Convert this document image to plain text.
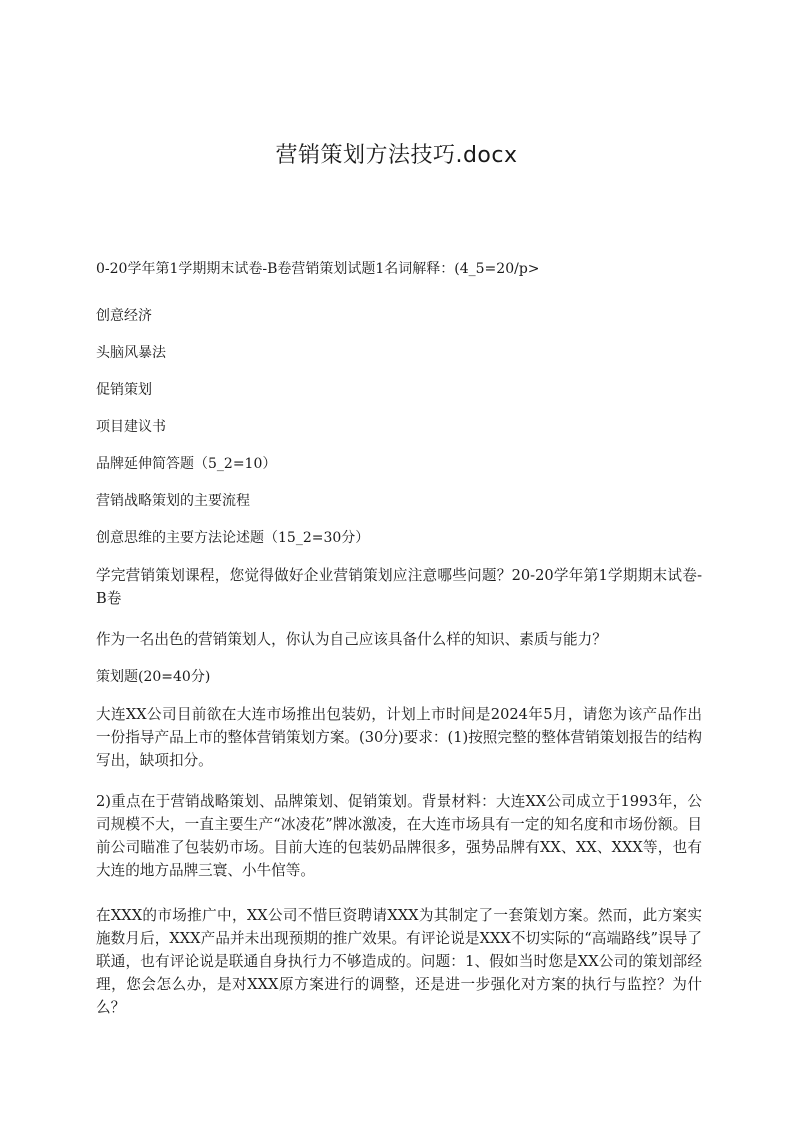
营销策划方法技巧.docx

0-20学年第1学期期末试卷-B卷营销策划试题1名词解释：(4_5=20/p>

创意经济

头脑风暴法

促销策划

项目建议书

品牌延伸简答题（5_2=10）

营销战略策划的主要流程

创意思维的主要方法论述题（15_2=30分）

学完营销策划课程，您觉得做好企业营销策划应注意哪些问题？20-20学年第1学期期末试卷-B卷

作为一名出色的营销策划人，你认为自己应该具备什么样的知识、素质与能力？

策划题(20=40分)

大连XX公司目前欲在大连市场推出包装奶，计划上市时间是2024年5月，请您为该产品作出一份指导产品上市的整体营销策划方案。(30分)要求：(1)按照完整的整体营销策划报告的结构写出，缺项扣分。

2)重点在于营销战略策划、品牌策划、促销策划。背景材料：大连XX公司成立于1993年，公司规模不大，一直主要生产“冰凌花”牌冰激凌，在大连市场具有一定的知名度和市场份额。目前公司瞄准了包装奶市场。目前大连的包装奶品牌很多，强势品牌有XX、XX、XXX等，也有大连的地方品牌三寰、小牛倌等。

在XXX的市场推广中，XX公司不惜巨资聘请XXX为其制定了一套策划方案。然而，此方案实施数月后，XXX产品并未出现预期的推广效果。有评论说是XXX不切实际的“高端路线”误导了联通，也有评论说是联通自身执行力不够造成的。问题：1、假如当时您是XX公司的策划部经理，您会怎么办，是对XXX原方案进行的调整，还是进一步强化对方案的执行与监控？为什么？
